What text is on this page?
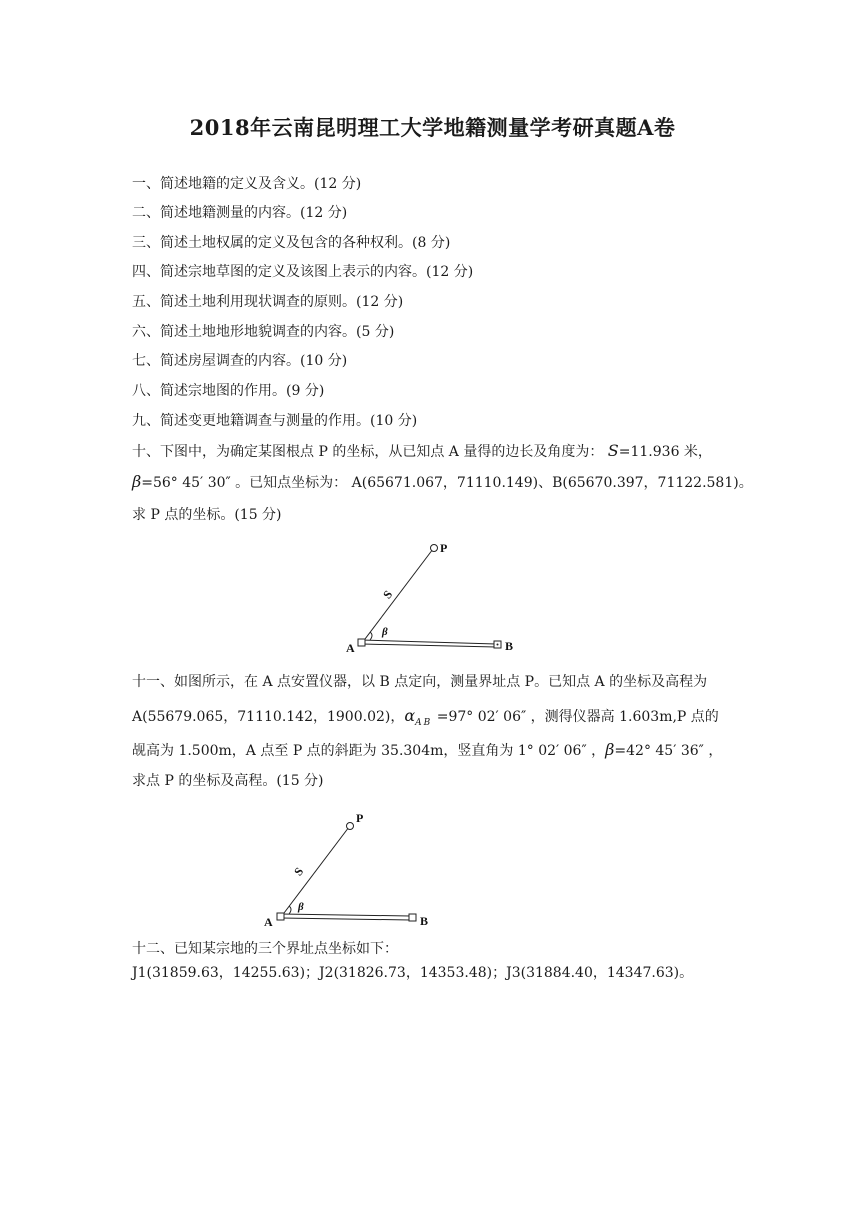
2018年云南昆明理工大学地籍测量学考研真题A卷
一、简述地籍的定义及含义。(12 分)
二、简述地籍测量的内容。(12 分)
三、简述土地权属的定义及包含的各种权利。(8 分)
四、简述宗地草图的定义及该图上表示的内容。(12 分)
五、简述土地利用现状调查的原则。(12 分)
六、简述土地地形地貌调查的内容。(5 分)
七、简述房屋调查的内容。(10 分)
八、简述宗地图的作用。(9 分)
九、简述变更地籍调查与测量的作用。(10 分)
十、下图中，为确定某图根点 P 的坐标，从已知点 A 量得的边长及角度为： S=11.936 米，
β=56° 45′ 30″ 。已知点坐标为： A(65671.067，71110.149)、B(65670.397，71122.581)。
求 P 点的坐标。(15 分)
P
A	B
S
β
十一、如图所示，在 A 点安置仪器，以 B 点定向，测量界址点 P。已知点 A 的坐标及高程为
A(55679.065，71110.142，1900.02)，$\alpha_{AB} =97^\circ$ 02′ 06″ ，测得仪器高 1.603m,P 点的
觇高为 1.500m，A 点至 P 点的斜距为 35.304m，竖直角为 1° 02′ 06″ ，β=42° 45′ 36″ ，
求点 P 的坐标及高程。(15 分)
P
A	B
S
β
十二、已知某宗地的三个界址点坐标如下：
J1(31859.63，14255.63)；J2(31826.73，14353.48)；J3(31884.40，14347.63)。
